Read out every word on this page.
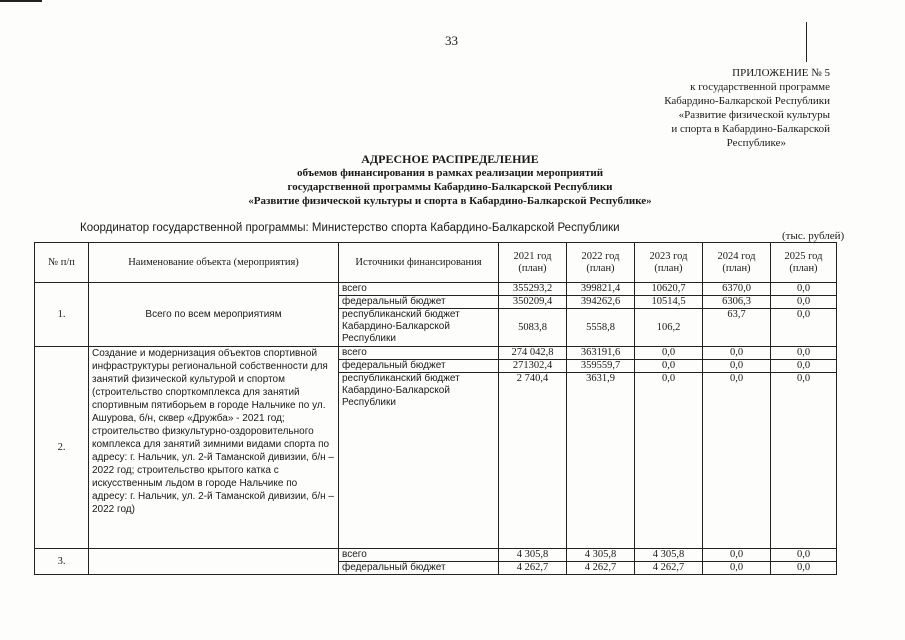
33
ПРИЛОЖЕНИЕ № 5
к государственной программе
Кабардино-Балкарской Республики
«Развитие физической культуры
и спорта в Кабардино-Балкарской
Республике»
АДРЕСНОЕ РАСПРЕДЕЛЕНИЕ
объемов финансирования в рамках реализации мероприятий
государственной программы Кабардино-Балкарской Республики
«Развитие физической культуры и спорта в Кабардино-Балкарской Республике»
Координатор государственной программы: Министерство спорта Кабардино-Балкарской Республики
(тыс. рублей)
№ п/п	Наименование объекта (мероприятия)	Источники финансирования	2021 год (план)	2022 год (план)	2023 год (план)	2024 год (план)	2025 год (план)
1.	Всего по всем мероприятиям	всего	355293,2	399821,4	10620,7	6370,0	0,0
		федеральный бюджет	350209,4	394262,6	10514,5	6306,3	0,0
		республиканский бюджет Кабардино-Балкарской Республики	5083,8	5558,8	106,2	63,7	0,0
2.	Создание и модернизация объектов спортивной инфраструктуры региональной собственности для занятий физической культурой и спортом (строительство спорткомплекса для занятий спортивным пятиборьем в городе Нальчике по ул. Ашурова, б/н, сквер «Дружба» - 2021 год; строительство физкультурно-оздоровительного комплекса для занятий зимними видами спорта по адресу: г. Нальчик, ул. 2-й Таманской дивизии, б/н – 2022 год; строительство крытого катка с искусственным льдом в городе Нальчике по адресу: г. Нальчик, ул. 2-й Таманской дивизии, б/н – 2022 год)	всего	274 042,8	363191,6	0,0	0,0	0,0
		федеральный бюджет	271302,4	359559,7	0,0	0,0	0,0
		республиканский бюджет Кабардино-Балкарской Республики	2 740,4	3631,9	0,0	0,0	0,0
3.		всего	4 305,8	4 305,8	4 305,8	0,0	0,0
		федеральный бюджет	4 262,7	4 262,7	4 262,7	0,0	0,0
